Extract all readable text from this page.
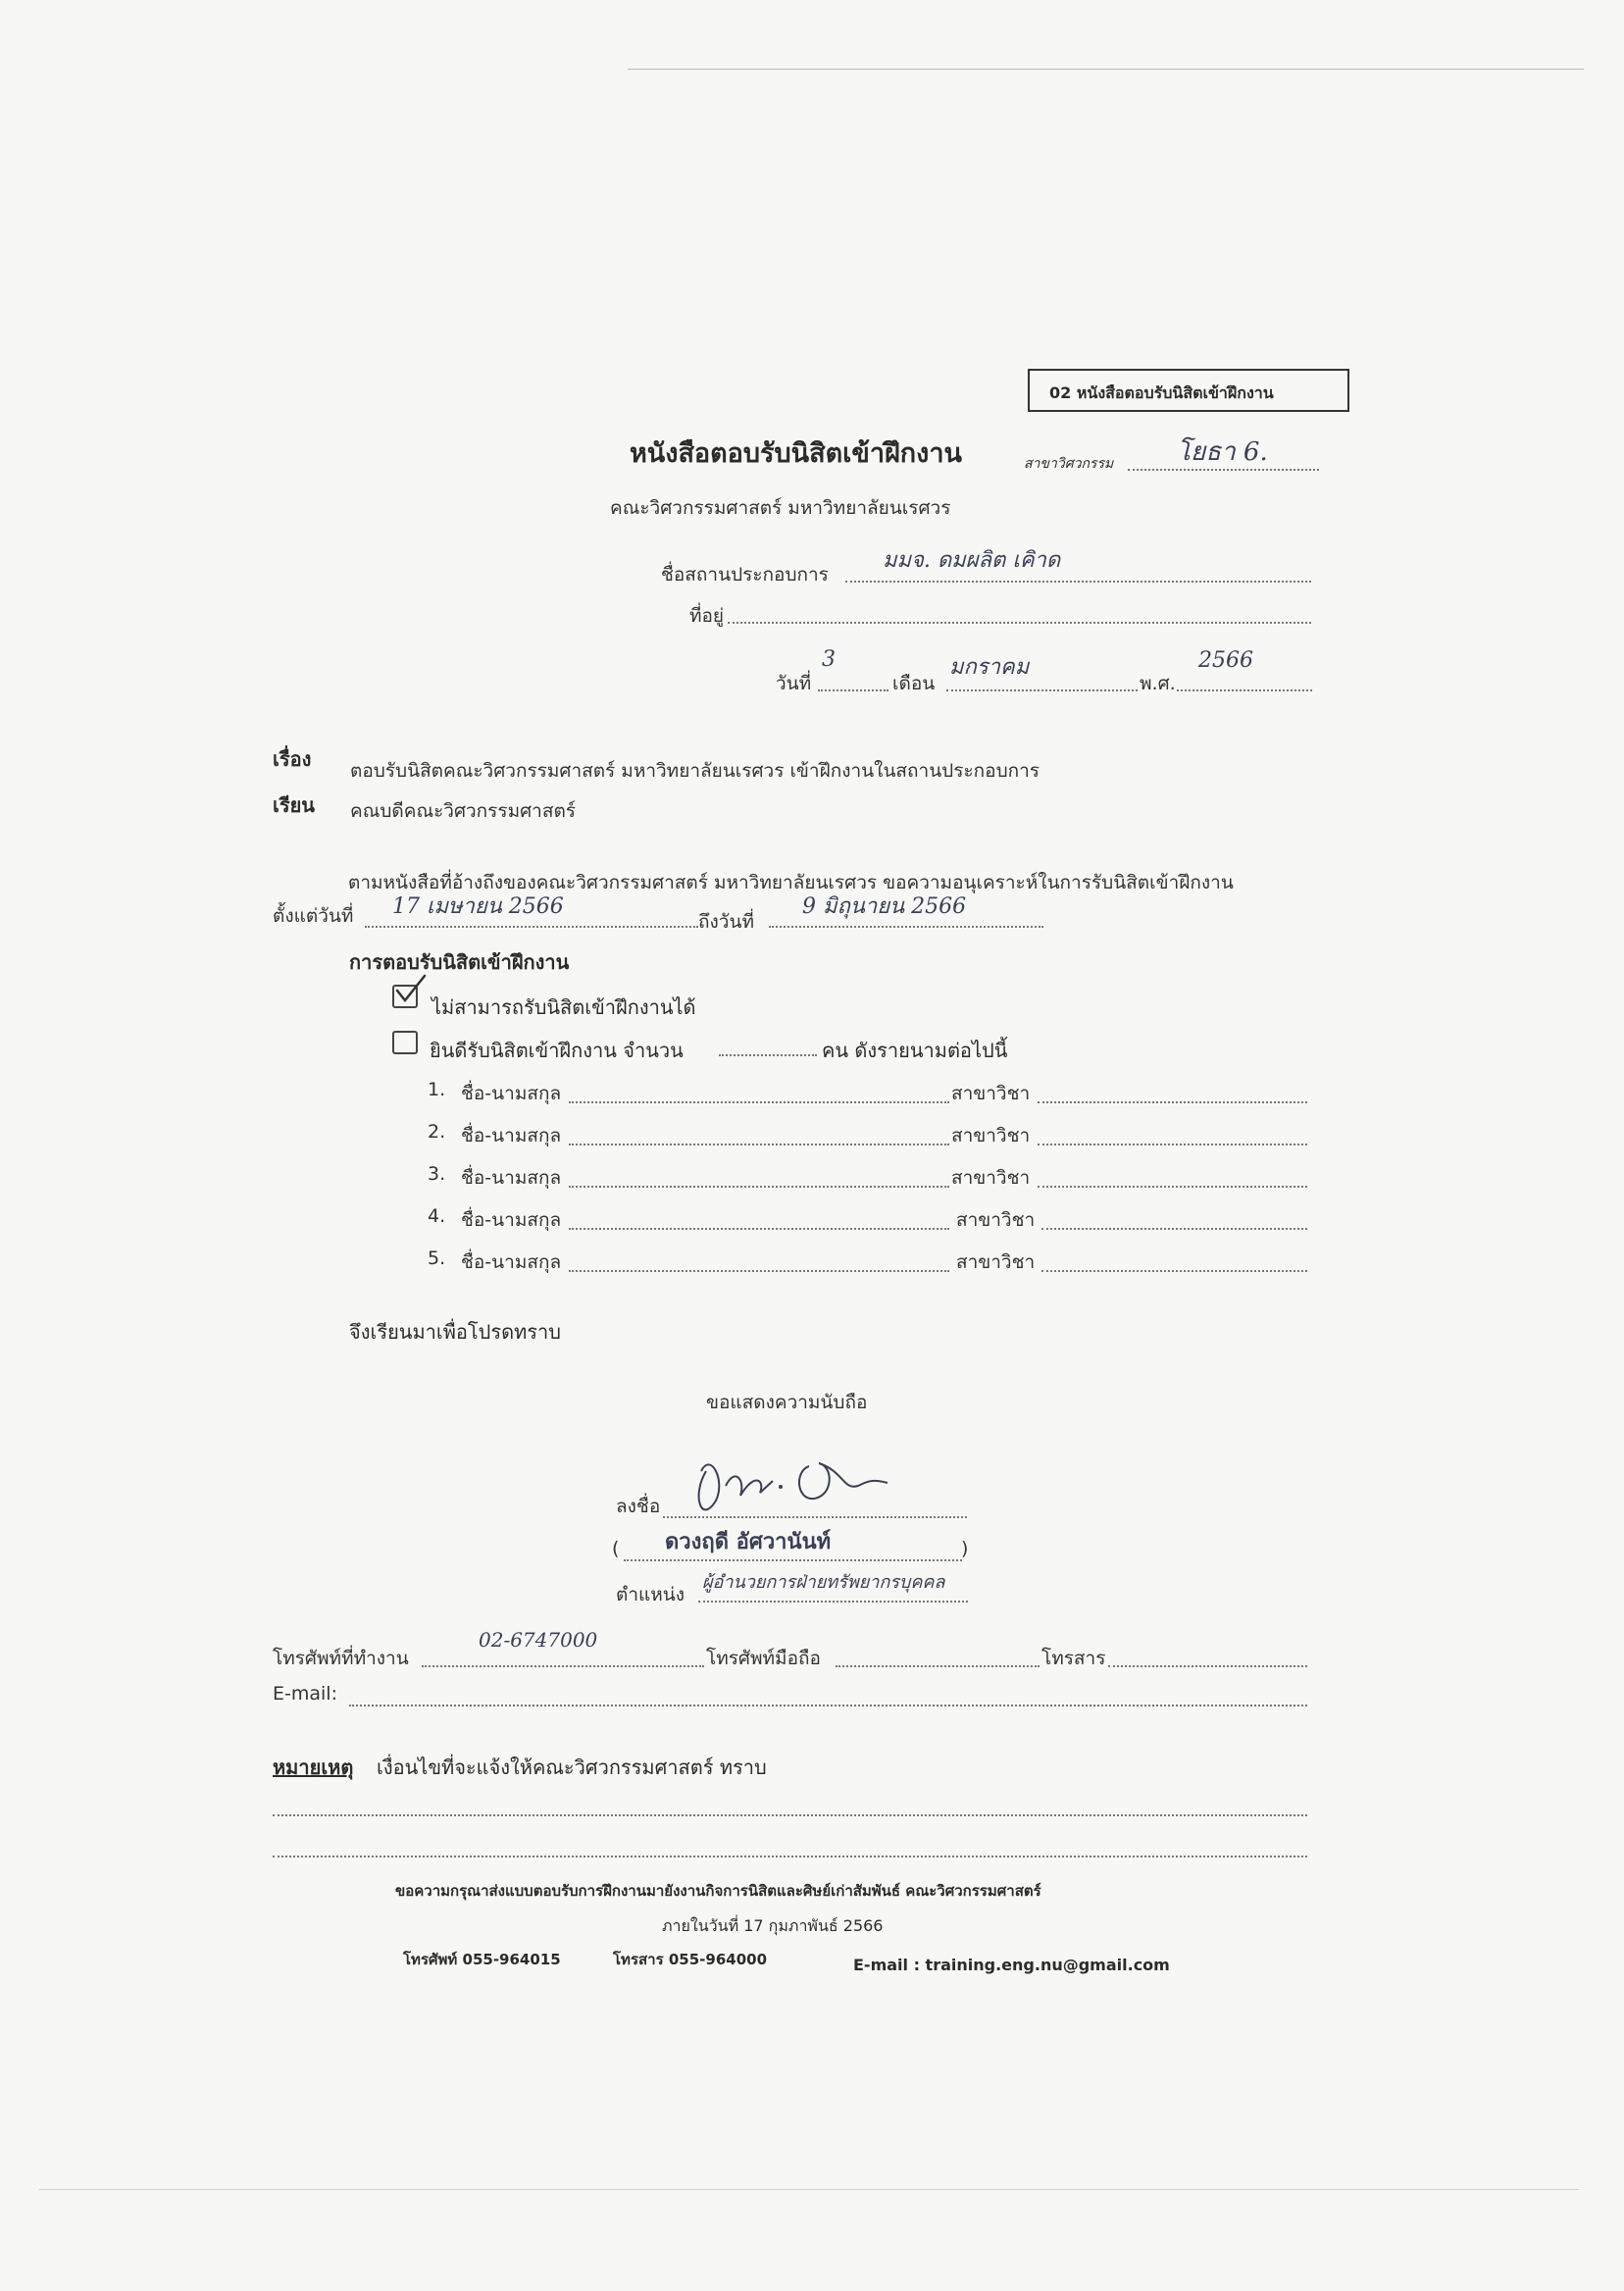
02 หนังสือตอบรับนิสิตเข้าฝึกงาน
หนังสือตอบรับนิสิตเข้าฝึกงาน	สาขาวิศวกรรม โยธา 6.
คณะวิศวกรรมศาสตร์ มหาวิทยาลัยนเรศวร
ชื่อสถานประกอบการ
มมจ. ดมผลิต เคิาด
ที่อยู่
วันที่
3
เดือน
มกราคม
พ.ศ.
2566
เรื่อง ตอบรับนิสิตคณะวิศวกรรมศาสตร์ มหาวิทยาลัยนเรศวร เข้าฝึกงานในสถานประกอบการ
เรียน คณบดีคณะวิศวกรรมศาสตร์
ตามหนังสือที่อ้างถึงของคณะวิศวกรรมศาสตร์ มหาวิทยาลัยนเรศวร ขอความอนุเคราะห์ในการรับนิสิตเข้าฝึกงาน
ตั้งแต่วันที่ 17 เมษายน 2566
ถึงวันที่
9 มิถุนายน 2566
การตอบรับนิสิตเข้าฝึกงาน
ไม่สามารถรับนิสิตเข้าฝึกงานได้
ยินดีรับนิสิตเข้าฝึกงาน จำนวน	คน ดังรายนามต่อไปนี้
1. ชื่อ-นามสกุล	สาขาวิชา
2. ชื่อ-นามสกุล	สาขาวิชา
3. ชื่อ-นามสกุล	สาขาวิชา
4. ชื่อ-นามสกุล	สาขาวิชา
5. ชื่อ-นามสกุล	สาขาวิชา
จึงเรียนมาเพื่อโปรดทราบ
ขอแสดงความนับถือ
ลงชื่อ
( ดวงฤดี อัศวานันท์	)
ตำแหน่ง
ผู้อำนวยการฝ่ายทรัพยากรบุคคล
โทรศัพท์ที่ทำงาน
02-6747000
โทรศัพท์มือถือ	โทรสาร
E-mail:
หมายเหตุ เงื่อนไขที่จะแจ้งให้คณะวิศวกรรมศาสตร์ ทราบ
ขอความกรุณาส่งแบบตอบรับการฝึกงานมายังงานกิจการนิสิตและศิษย์เก่าสัมพันธ์ คณะวิศวกรรมศาสตร์
ภายในวันที่ 17 กุมภาพันธ์ 2566
โทรศัพท์ 055-964015	โทรสาร 055-964000	E-mail : training.eng.nu@gmail.com
